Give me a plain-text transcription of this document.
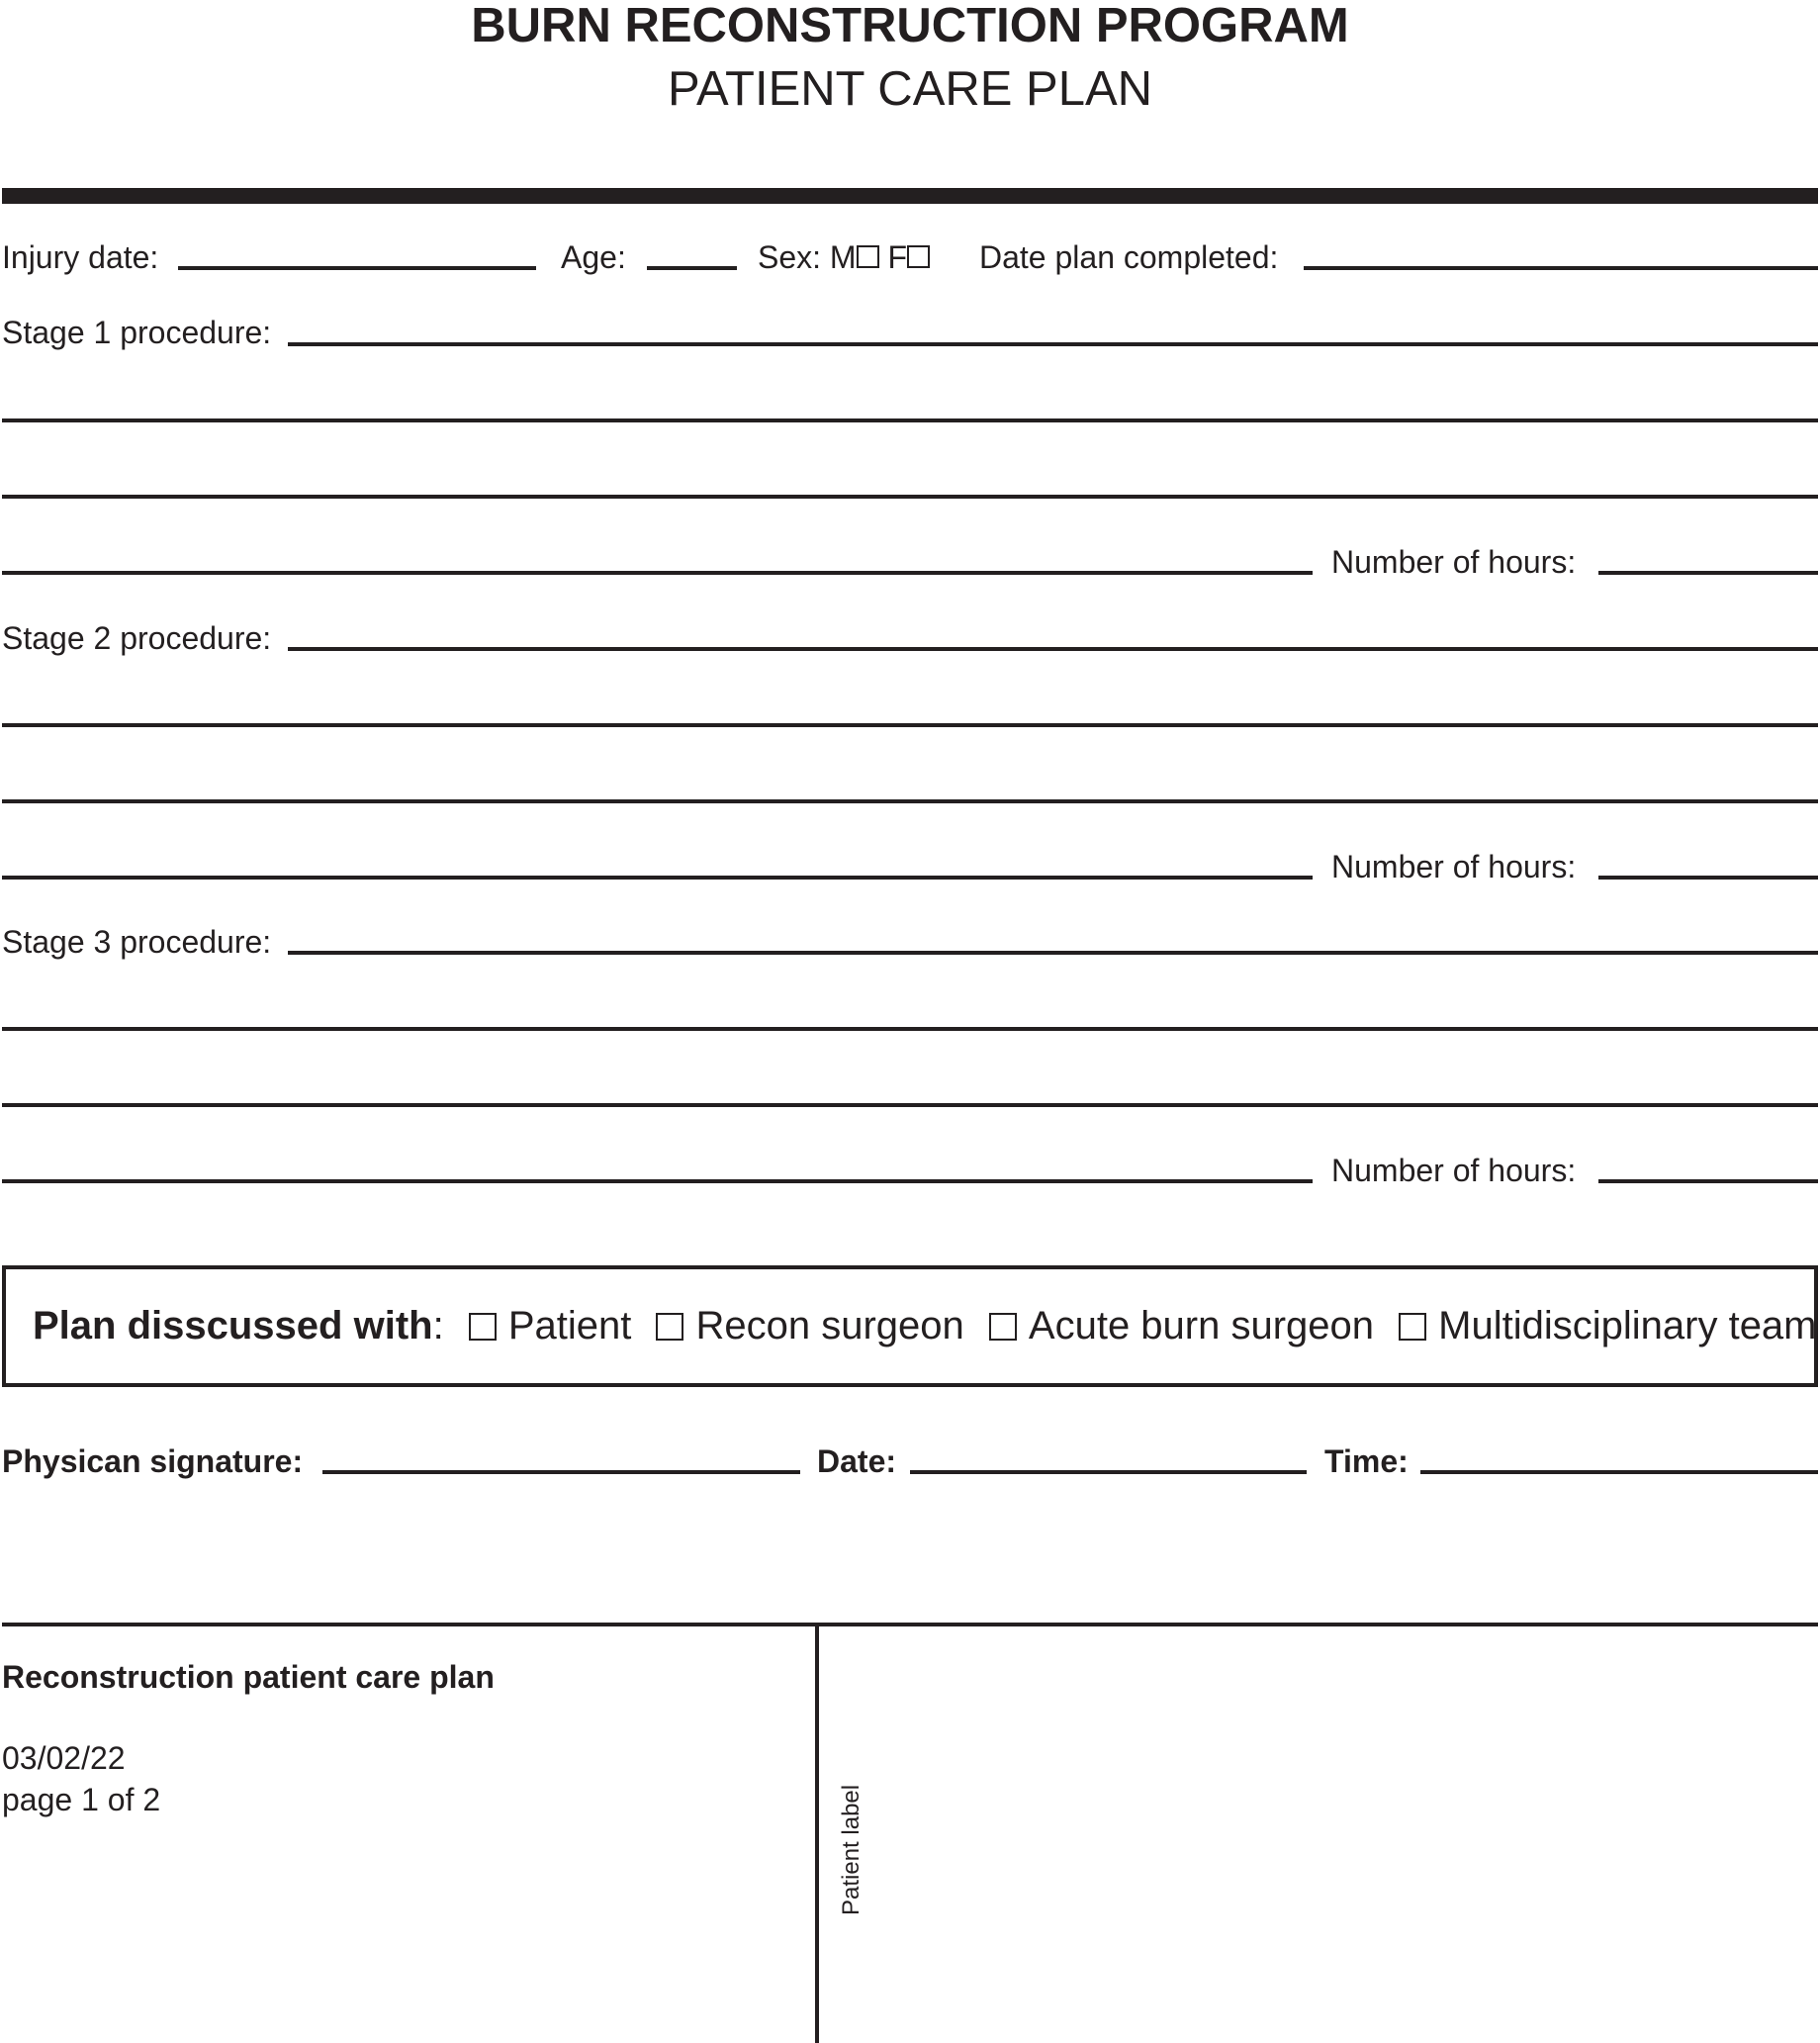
BURN RECONSTRUCTION PROGRAM
PATIENT CARE PLAN
Injury date:	Age:	Sex: M F	Date plan completed:
Stage 1 procedure:
Number of hours:
Stage 2 procedure:
Number of hours:
Stage 3 procedure:
Number of hours:
Plan disscussed with: Patient Recon surgeon Acute burn surgeon Multidisciplinary team
Physican signature:	Date:	Time:
Reconstruction patient care plan
03/02/22
page 1 of 2	Patient label
